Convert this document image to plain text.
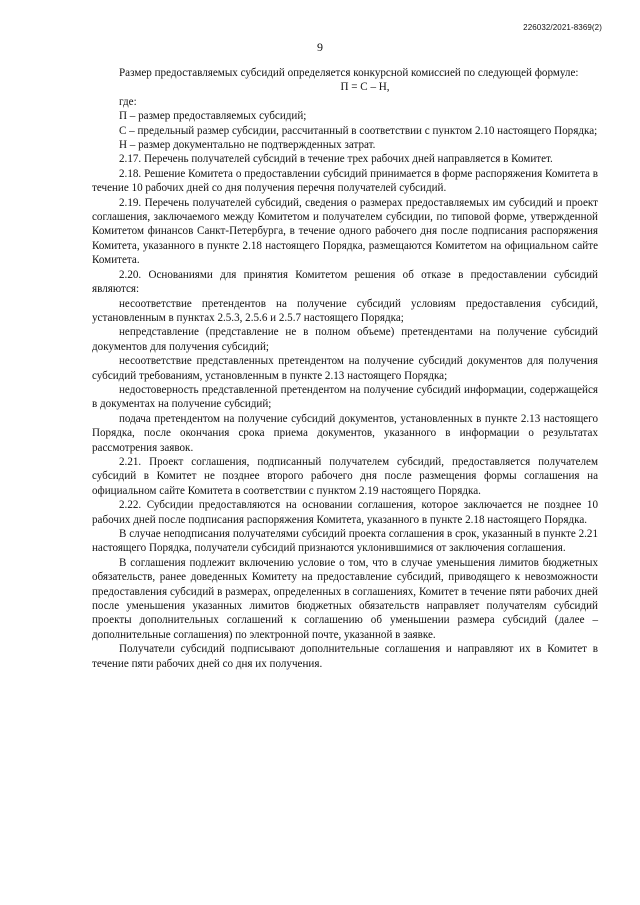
226032/2021-8369(2)
9

Размер предоставляемых субсидий определяется конкурсной комиссией по следующей формуле:

П = С – Н,

где:

П – размер предоставляемых субсидий;

С – предельный размер субсидии, рассчитанный в соответствии с пунктом 2.10 настоящего Порядка;

Н – размер документально не подтвержденных затрат.

2.17. Перечень получателей субсидий в течение трех рабочих дней направляется в Комитет.

2.18. Решение Комитета о предоставлении субсидий принимается в форме распоряжения Комитета в течение 10 рабочих дней со дня получения перечня получателей субсидий.

2.19. Перечень получателей субсидий, сведения о размерах предоставляемых им субсидий и проект соглашения, заключаемого между Комитетом и получателем субсидии, по типовой форме, утвержденной Комитетом финансов Санкт-Петербурга, в течение одного рабочего дня после подписания распоряжения Комитета, указанного в пункте 2.18 настоящего Порядка, размещаются Комитетом на официальном сайте Комитета.

2.20. Основаниями для принятия Комитетом решения об отказе в предоставлении субсидий являются:

несоответствие претендентов на получение субсидий условиям предоставления субсидий, установленным в пунктах 2.5.3, 2.5.6 и 2.5.7 настоящего Порядка;

непредставление (представление не в полном объеме) претендентами на получение субсидий документов для получения субсидий;

несоответствие представленных претендентом на получение субсидий документов для получения субсидий требованиям, установленным в пункте 2.13 настоящего Порядка;

недостоверность представленной претендентом на получение субсидий информации, содержащейся в документах на получение субсидий;

подача претендентом на получение субсидий документов, установленных в пункте 2.13 настоящего Порядка, после окончания срока приема документов, указанного в информации о результатах рассмотрения заявок.

2.21. Проект соглашения, подписанный получателем субсидий, предоставляется получателем субсидий в Комитет не позднее второго рабочего дня после размещения формы соглашения на официальном сайте Комитета в соответствии с пунктом 2.19 настоящего Порядка.

2.22. Субсидии предоставляются на основании соглашения, которое заключается не позднее 10 рабочих дней после подписания распоряжения Комитета, указанного в пункте 2.18 настоящего Порядка.

В случае неподписания получателями субсидий проекта соглашения в срок, указанный в пункте 2.21 настоящего Порядка, получатели субсидий признаются уклонившимися от заключения соглашения.

В соглашения подлежит включению условие о том, что в случае уменьшения лимитов бюджетных обязательств, ранее доведенных Комитету на предоставление субсидий, приводящего к невозможности предоставления субсидий в размерах, определенных в соглашениях, Комитет в течение пяти рабочих дней после уменьшения указанных лимитов бюджетных обязательств направляет получателям субсидий проекты дополнительных соглашений к соглашению об уменьшении размера субсидий (далее – дополнительные соглашения) по электронной почте, указанной в заявке.

Получатели субсидий подписывают дополнительные соглашения и направляют их в Комитет в течение пяти рабочих дней со дня их получения.
